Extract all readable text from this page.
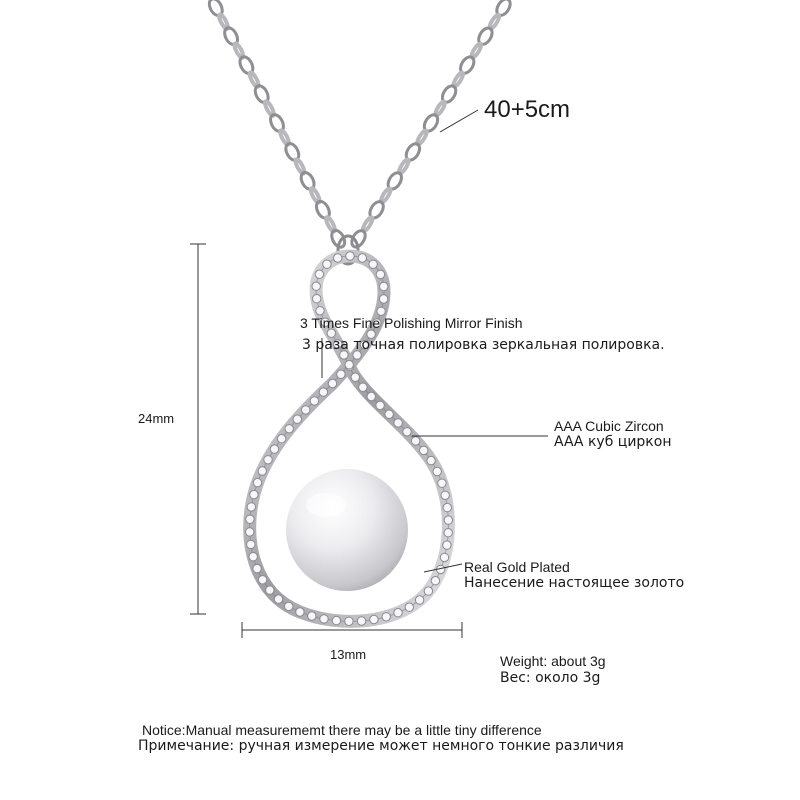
40+5cm
24mm
13mm
3 Times Fine Polishing Mirror Finish
3 раза точная полировка зеркальная полировка.
AAA Cubic Zircon
AAA куб циркон
Real Gold Plated
Нанесение настоящее золото
Weight: about 3g
Вес: около 3g
Notice:Manual measurememt there may be a little tiny difference
Примечание: ручная измерение может немного тонкие различия
